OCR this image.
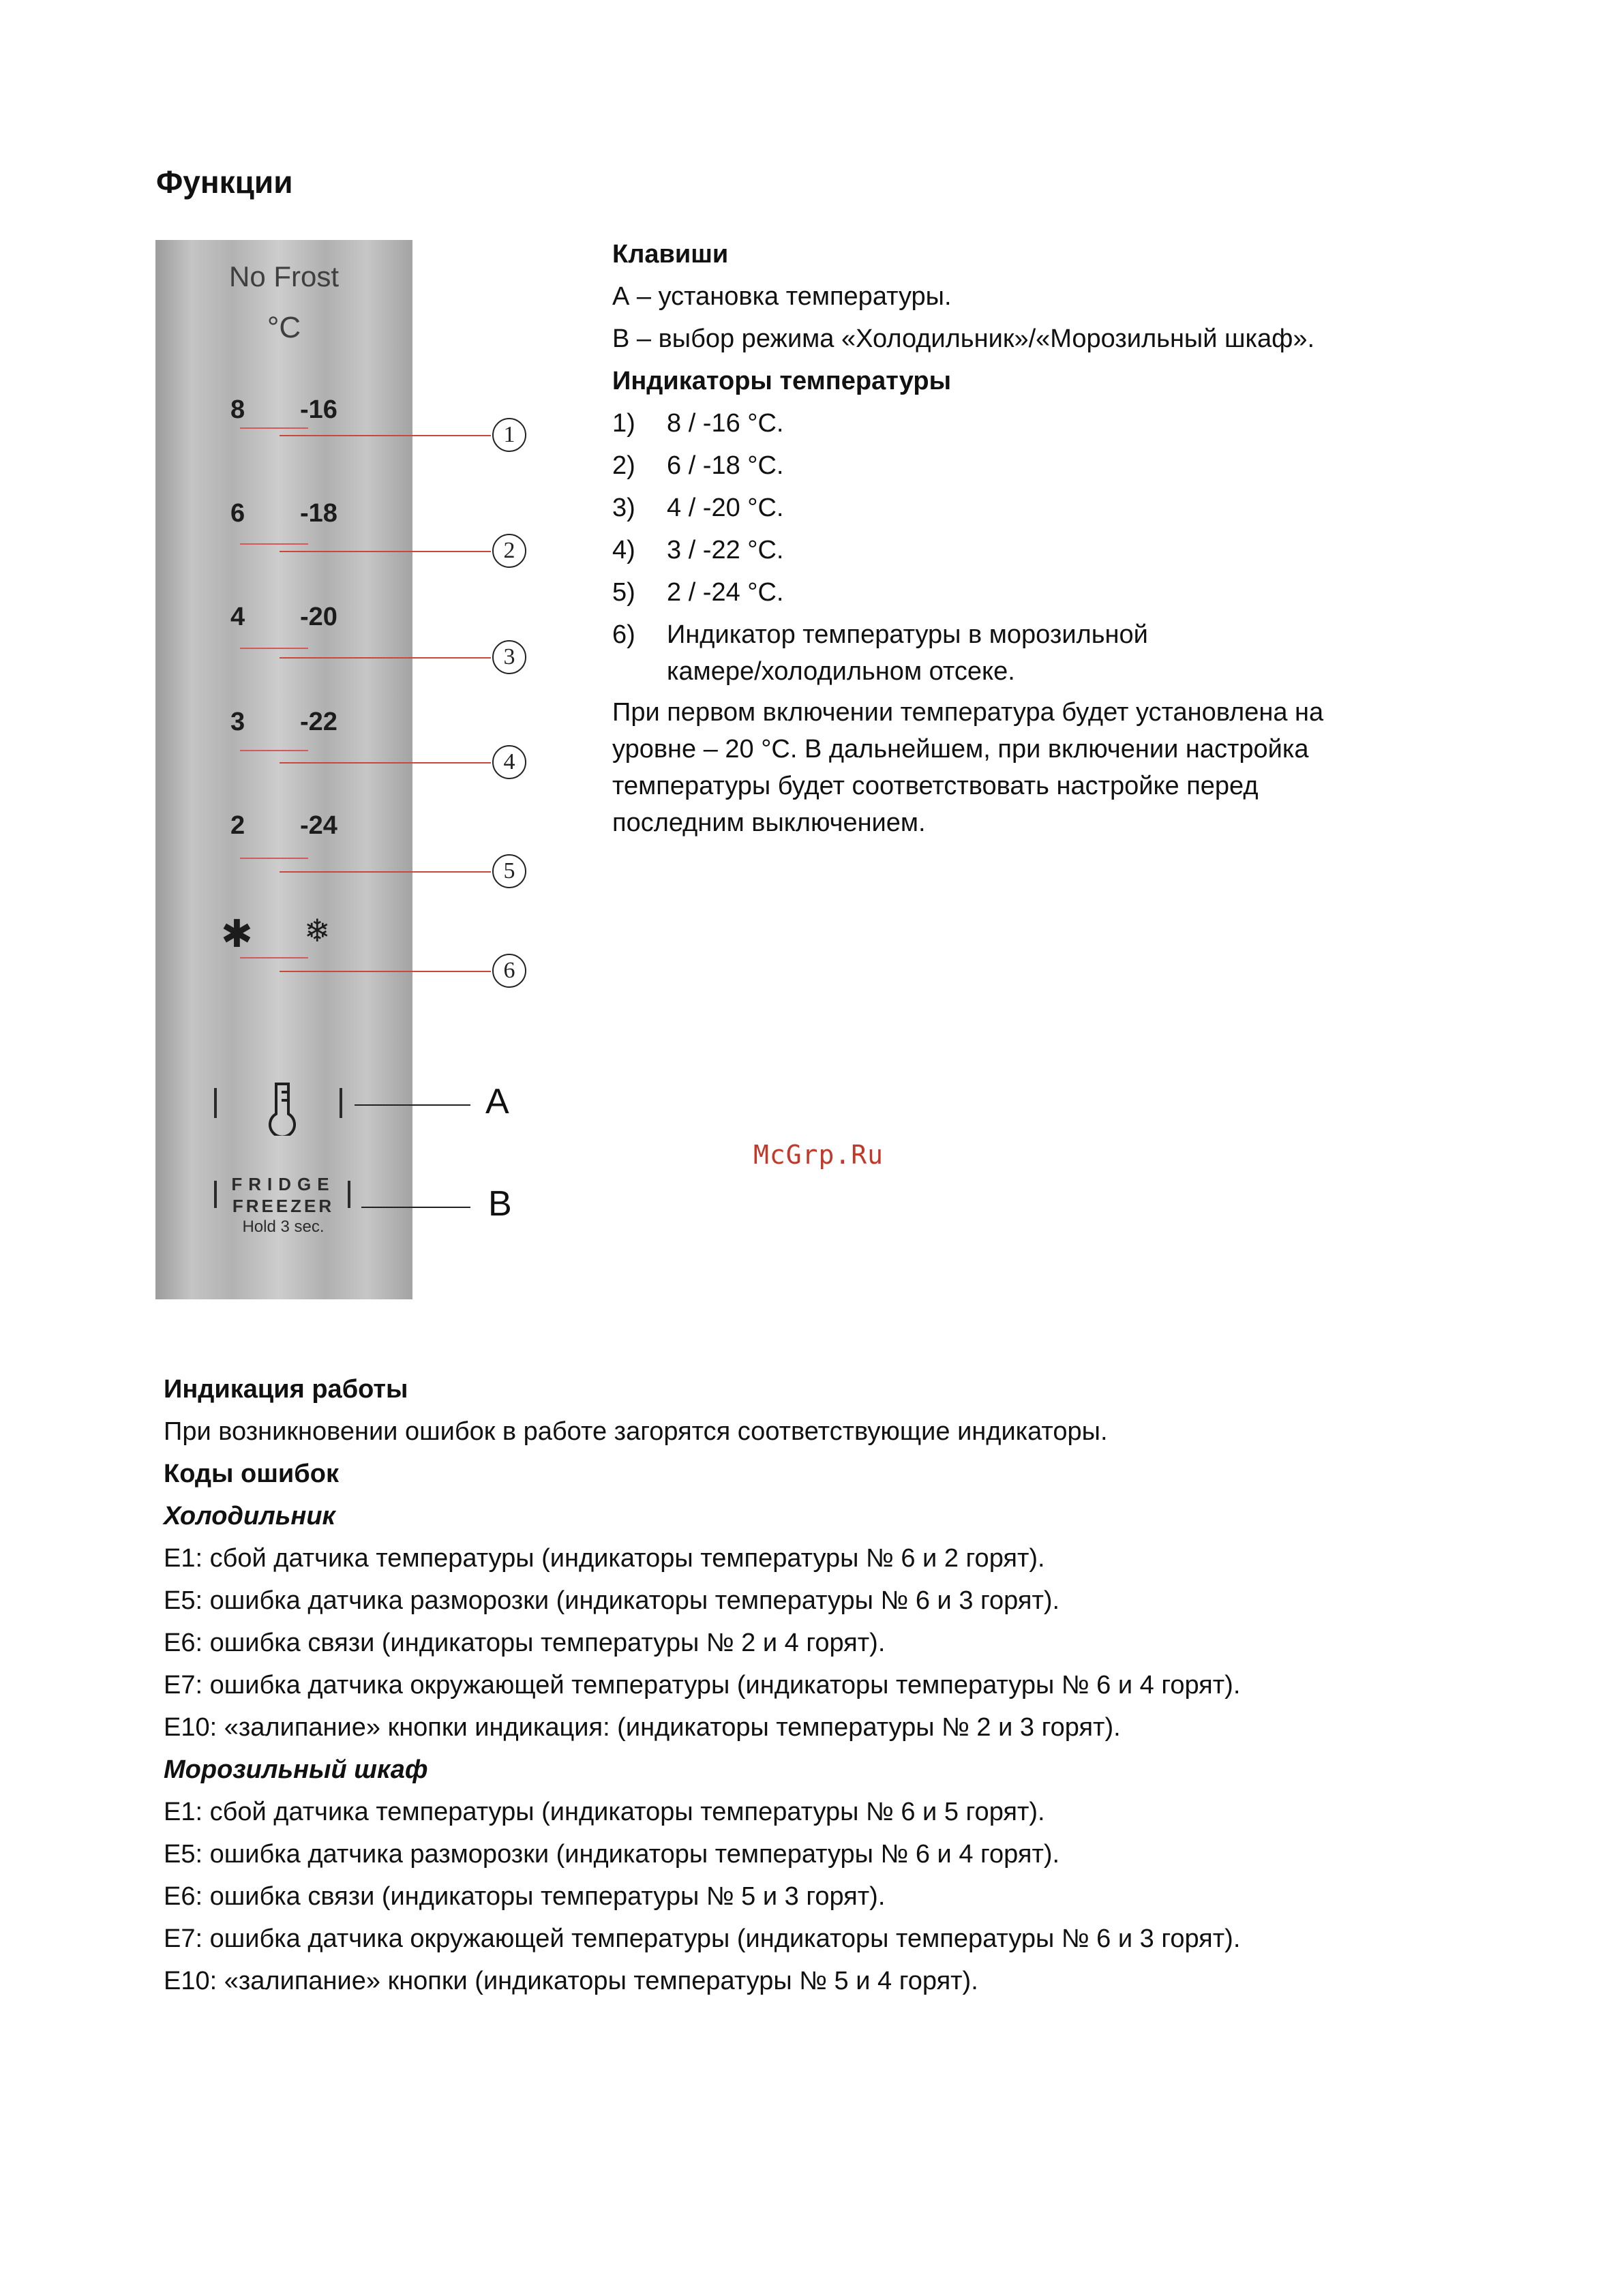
Функции
No Frost
°C
8 -16
6 -18
4 -20
3 -22
2 -24
✱ ❄
FRIDGE
FREEZER
Hold 3 sec.
1
2
3
4
5
6
A
B
Клавиши
А – установка температуры.
В – выбор режима «Холодильник»/«Морозильный шкаф».
Индикаторы температуры
1)	8 / -16 °C.
2)	6 / -18 °C.
3)	4 / -20 °C.
4)	3 / -22 °C.
5)	2 / -24 °C.
6)	Индикатор температуры в морозильной
камере/холодильном отсеке.
При первом включении температура будет установлена на
уровне – 20 °C. В дальнейшем, при включении настройка
температуры будет соответствовать настройке перед
последним выключением.
McGrp.Ru
Индикация работы
При возникновении ошибок в работе загорятся соответствующие индикаторы.
Коды ошибок
Холодильник
E1: сбой датчика температуры (индикаторы температуры № 6 и 2 горят).
E5: ошибка датчика разморозки (индикаторы температуры № 6 и 3 горят).
E6: ошибка связи (индикаторы температуры № 2 и 4 горят).
E7: ошибка датчика окружающей температуры (индикаторы температуры № 6 и 4 горят).
E10: «залипание» кнопки индикация: (индикаторы температуры № 2 и 3 горят).
Морозильный шкаф
E1: сбой датчика температуры (индикаторы температуры № 6 и 5 горят).
E5: ошибка датчика разморозки (индикаторы температуры № 6 и 4 горят).
E6: ошибка связи (индикаторы температуры № 5 и 3 горят).
E7: ошибка датчика окружающей температуры (индикаторы температуры № 6 и 3 горят).
E10: «залипание» кнопки (индикаторы температуры № 5 и 4 горят).
